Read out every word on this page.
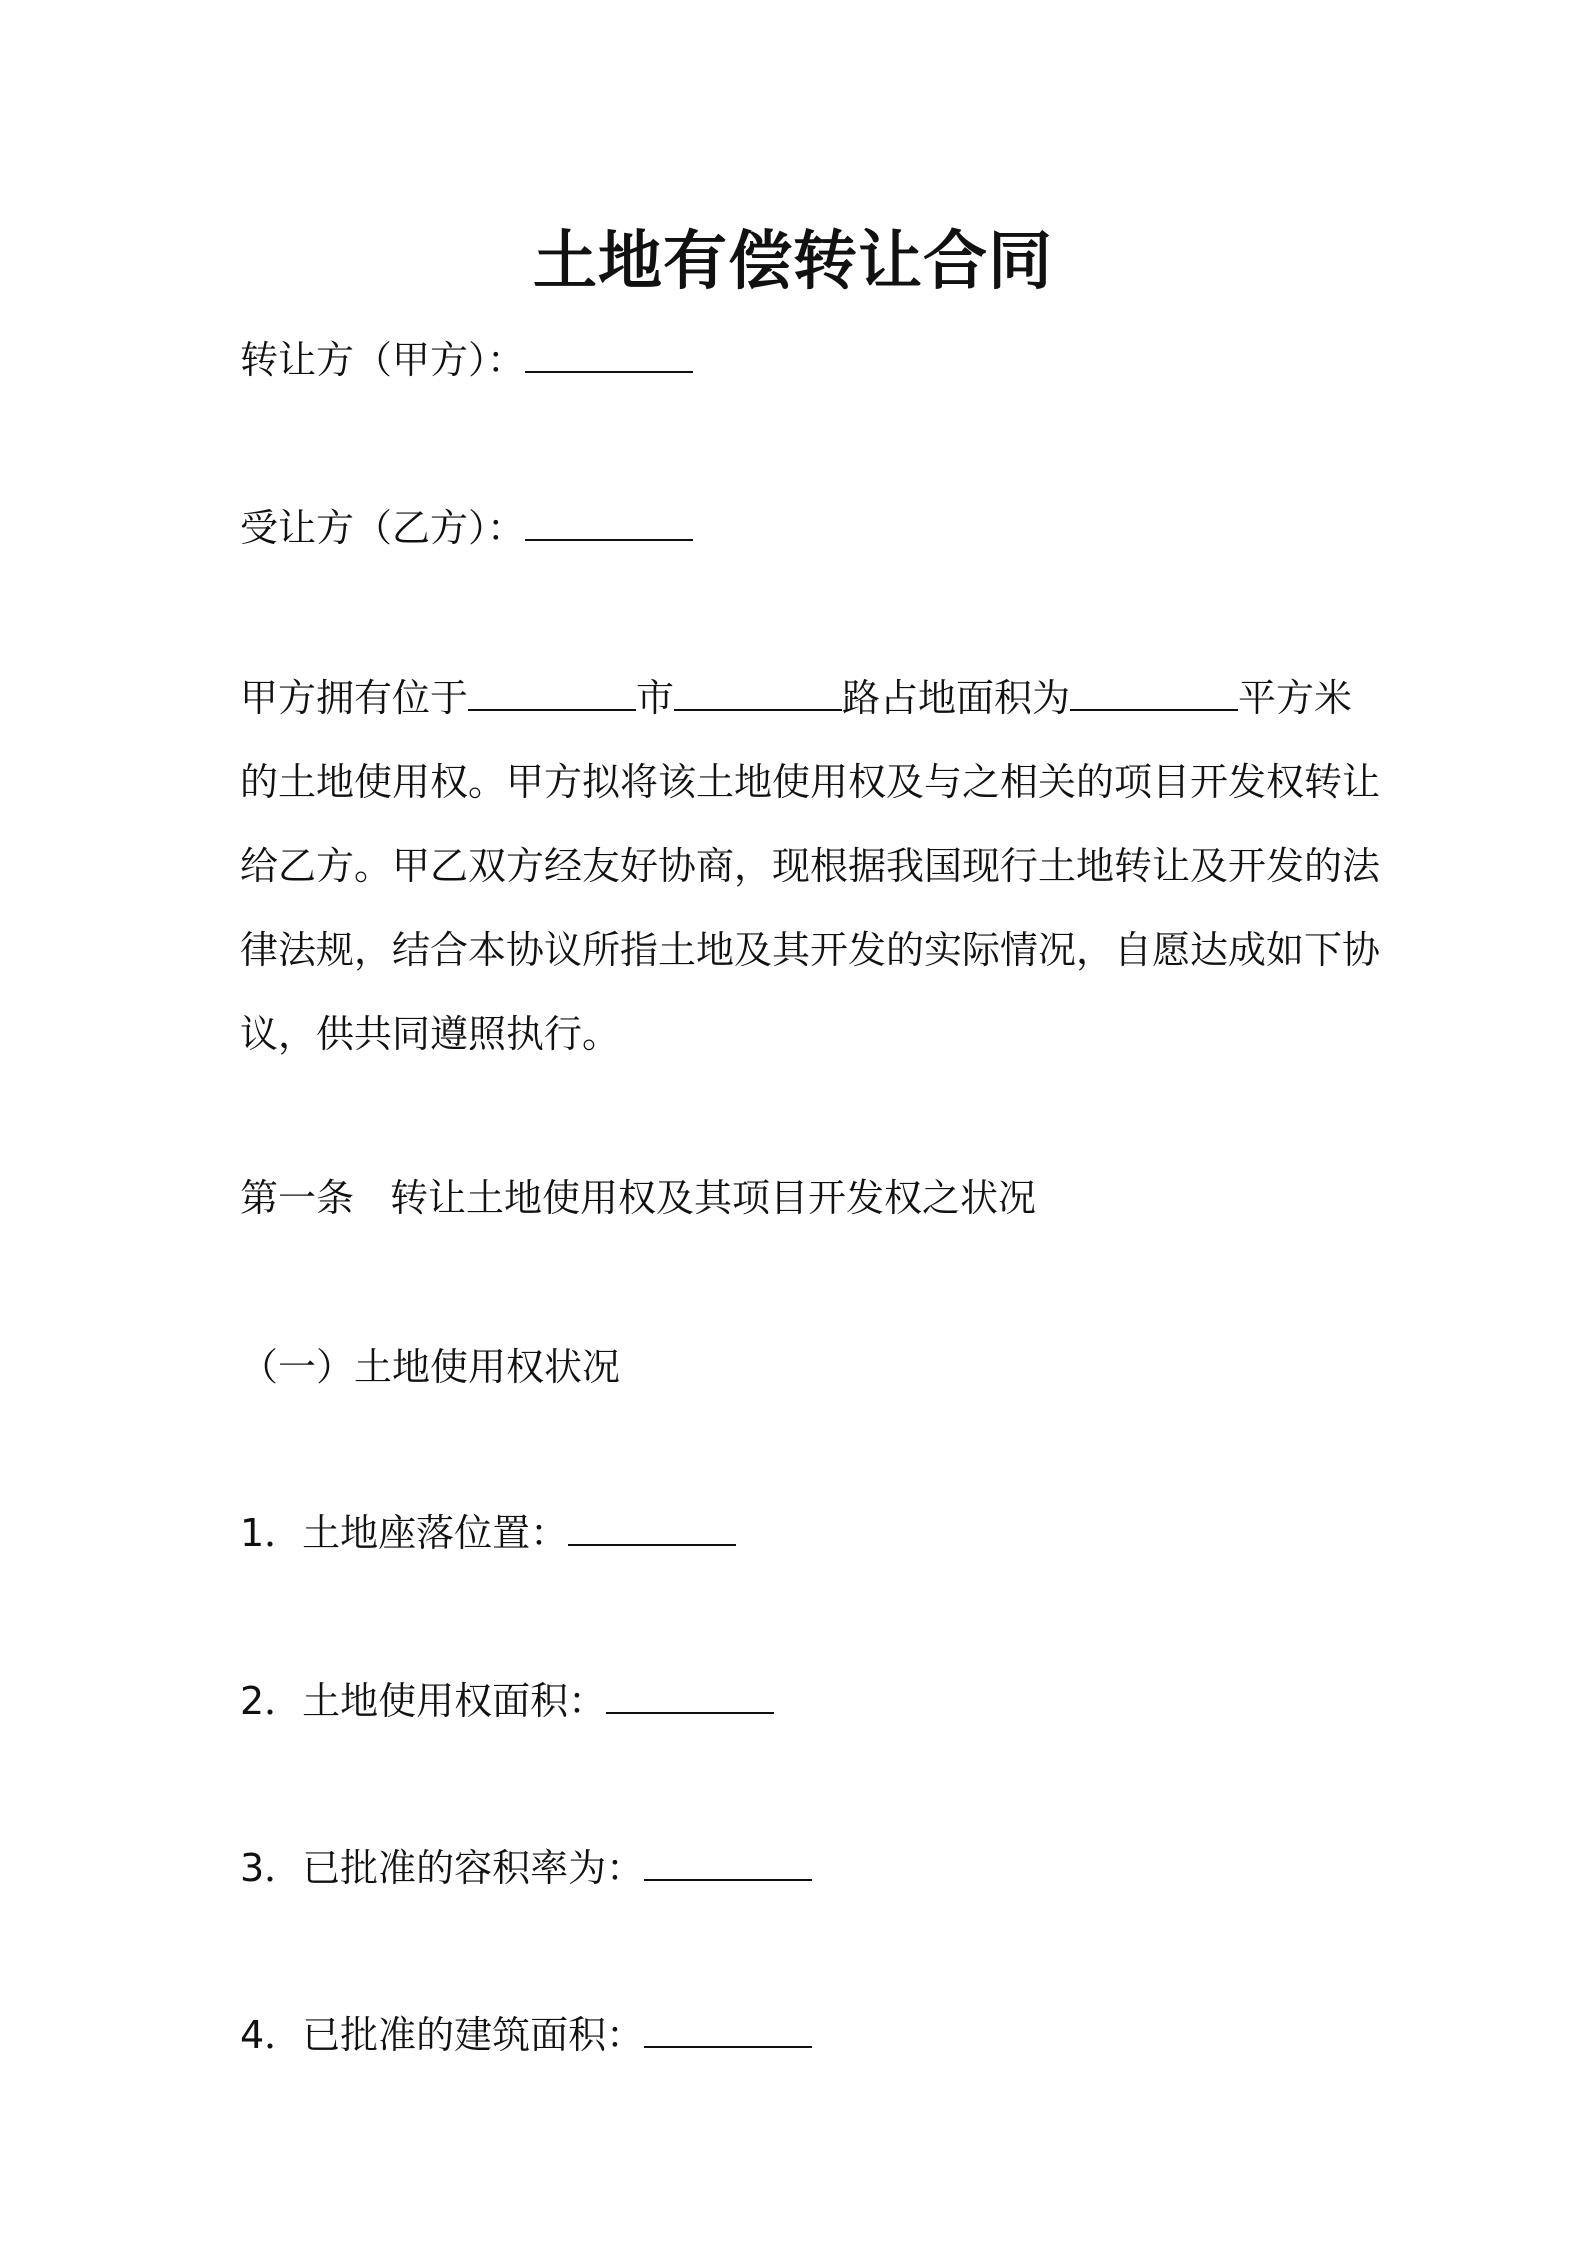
土地有偿转让合同

转让方（甲方）：

受让方（乙方）：

甲方拥有位于	市	路占地面积为	平方米
的土地使用权。甲方拟将该土地使用权及与之相关的项目开发权转让
给乙方。甲乙双方经友好协商，现根据我国现行土地转让及开发的法
律法规，结合本协议所指土地及其开发的实际情况，自愿达成如下协
议，供共同遵照执行。

第一条 转让土地使用权及其项目开发权之状况

（一）土地使用权状况

1．土地座落位置：

2．土地使用权面积：

3．已批准的容积率为：

4．已批准的建筑面积：
